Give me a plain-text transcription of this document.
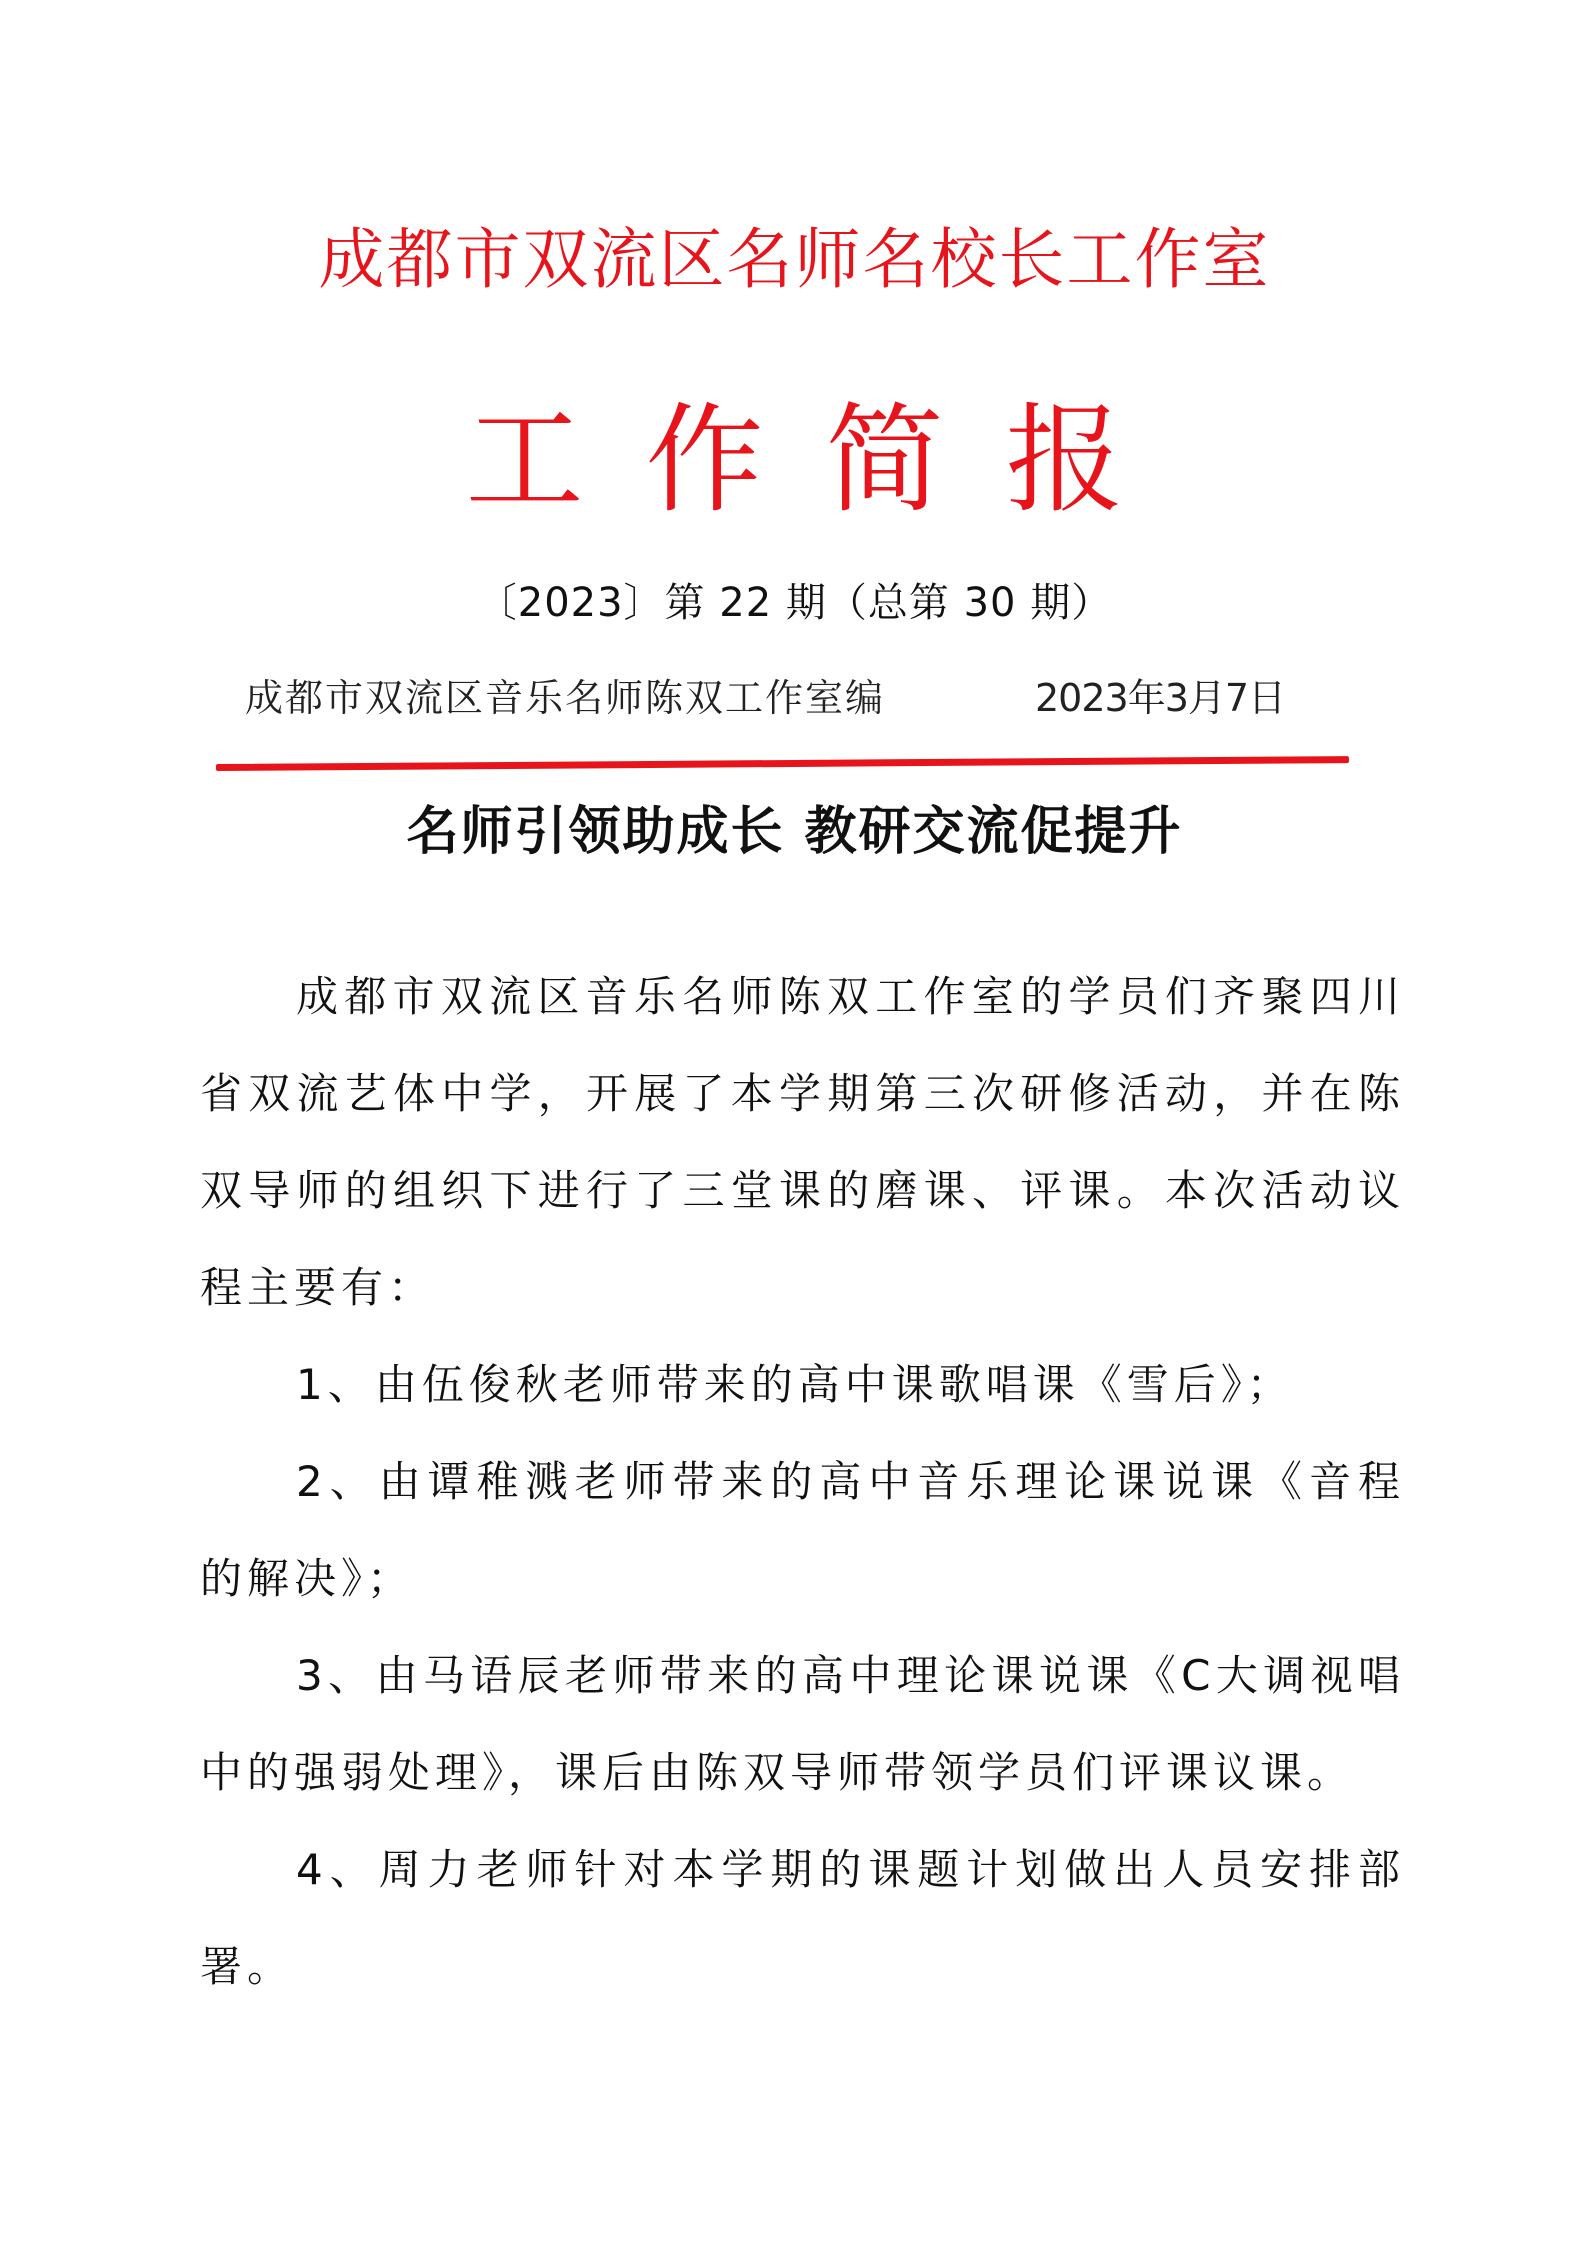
成都市双流区名师名校长工作室
工作简报
〔2023〕第 22 期（总第 30 期）
成都市双流区音乐名师陈双工作室编	2023年3月7日
名师引领助成长 教研交流促提升

成都市双流区音乐名师陈双工作室的学员们齐聚四川省双流艺体中学，开展了本学期第三次研修活动，并在陈双导师的组织下进行了三堂课的磨课、评课。本次活动议程主要有：

1、由伍俊秋老师带来的高中课歌唱课《雪后》；

2、由谭稚溅老师带来的高中音乐理论课说课《音程的解决》；

3、由马语辰老师带来的高中理论课说课《C大调视唱中的强弱处理》，课后由陈双导师带领学员们评课议课。

4、周力老师针对本学期的课题计划做出人员安排部署。
